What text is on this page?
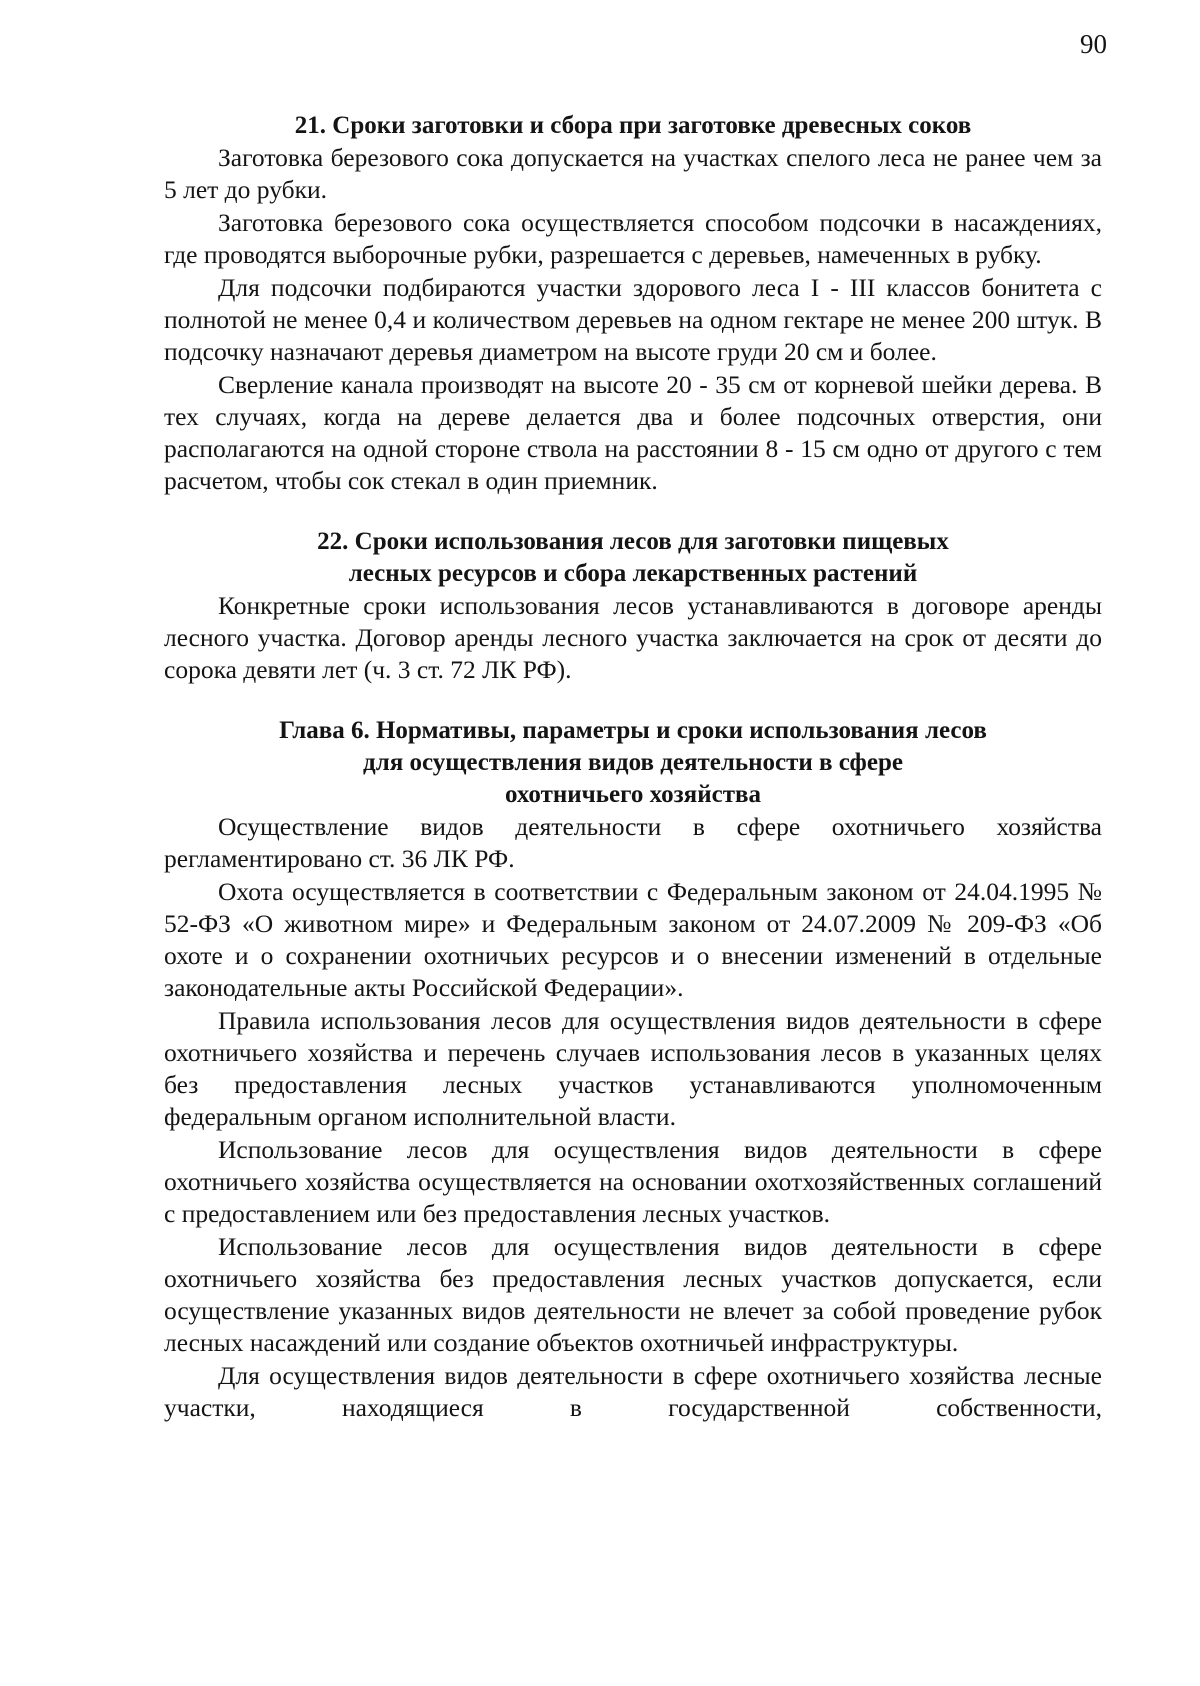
90
21. Сроки заготовки и сбора при заготовке древесных соков

Заготовка березового сока допускается на участках спелого леса не ранее чем за 5 лет до рубки.

Заготовка березового сока осуществляется способом подсочки в насаждениях, где проводятся выборочные рубки, разрешается с деревьев, намеченных в рубку.

Для подсочки подбираются участки здорового леса I - III классов бонитета с полнотой не менее 0,4 и количеством деревьев на одном гектаре не менее 200 штук. В подсочку назначают деревья диаметром на высоте груди 20 см и более.

Сверление канала производят на высоте 20 - 35 см от корневой шейки дерева. В тех случаях, когда на дереве делается два и более подсочных отверстия, они располагаются на одной стороне ствола на расстоянии 8 - 15 см одно от другого с тем расчетом, чтобы сок стекал в один приемник.

22. Сроки использования лесов для заготовки пищевых
лесных ресурсов и сбора лекарственных растений

Конкретные сроки использования лесов устанавливаются в договоре аренды лесного участка. Договор аренды лесного участка заключается на срок от десяти до сорока девяти лет (ч. 3 ст. 72 ЛК РФ).

Глава 6. Нормативы, параметры и сроки использования лесов
для осуществления видов деятельности в сфере
охотничьего хозяйства

Осуществление видов деятельности в сфере охотничьего хозяйства регламентировано ст. 36 ЛК РФ.

Охота осуществляется в соответствии с Федеральным законом от 24.04.1995 № 52-ФЗ «О животном мире» и Федеральным законом от 24.07.2009 № 209-ФЗ «Об охоте и о сохранении охотничьих ресурсов и о внесении изменений в отдельные законодательные акты Российской Федерации».

Правила использования лесов для осуществления видов деятельности в сфере охотничьего хозяйства и перечень случаев использования лесов в указанных целях без предоставления лесных участков устанавливаются уполномоченным федеральным органом исполнительной власти.

Использование лесов для осуществления видов деятельности в сфере охотничьего хозяйства осуществляется на основании охотхозяйственных соглашений с предоставлением или без предоставления лесных участков.

Использование лесов для осуществления видов деятельности в сфере охотничьего хозяйства без предоставления лесных участков допускается, если осуществление указанных видов деятельности не влечет за собой проведение рубок лесных насаждений или создание объектов охотничьей инфраструктуры.

Для осуществления видов деятельности в сфере охотничьего хозяйства лесные участки, находящиеся в государственной собственности,
